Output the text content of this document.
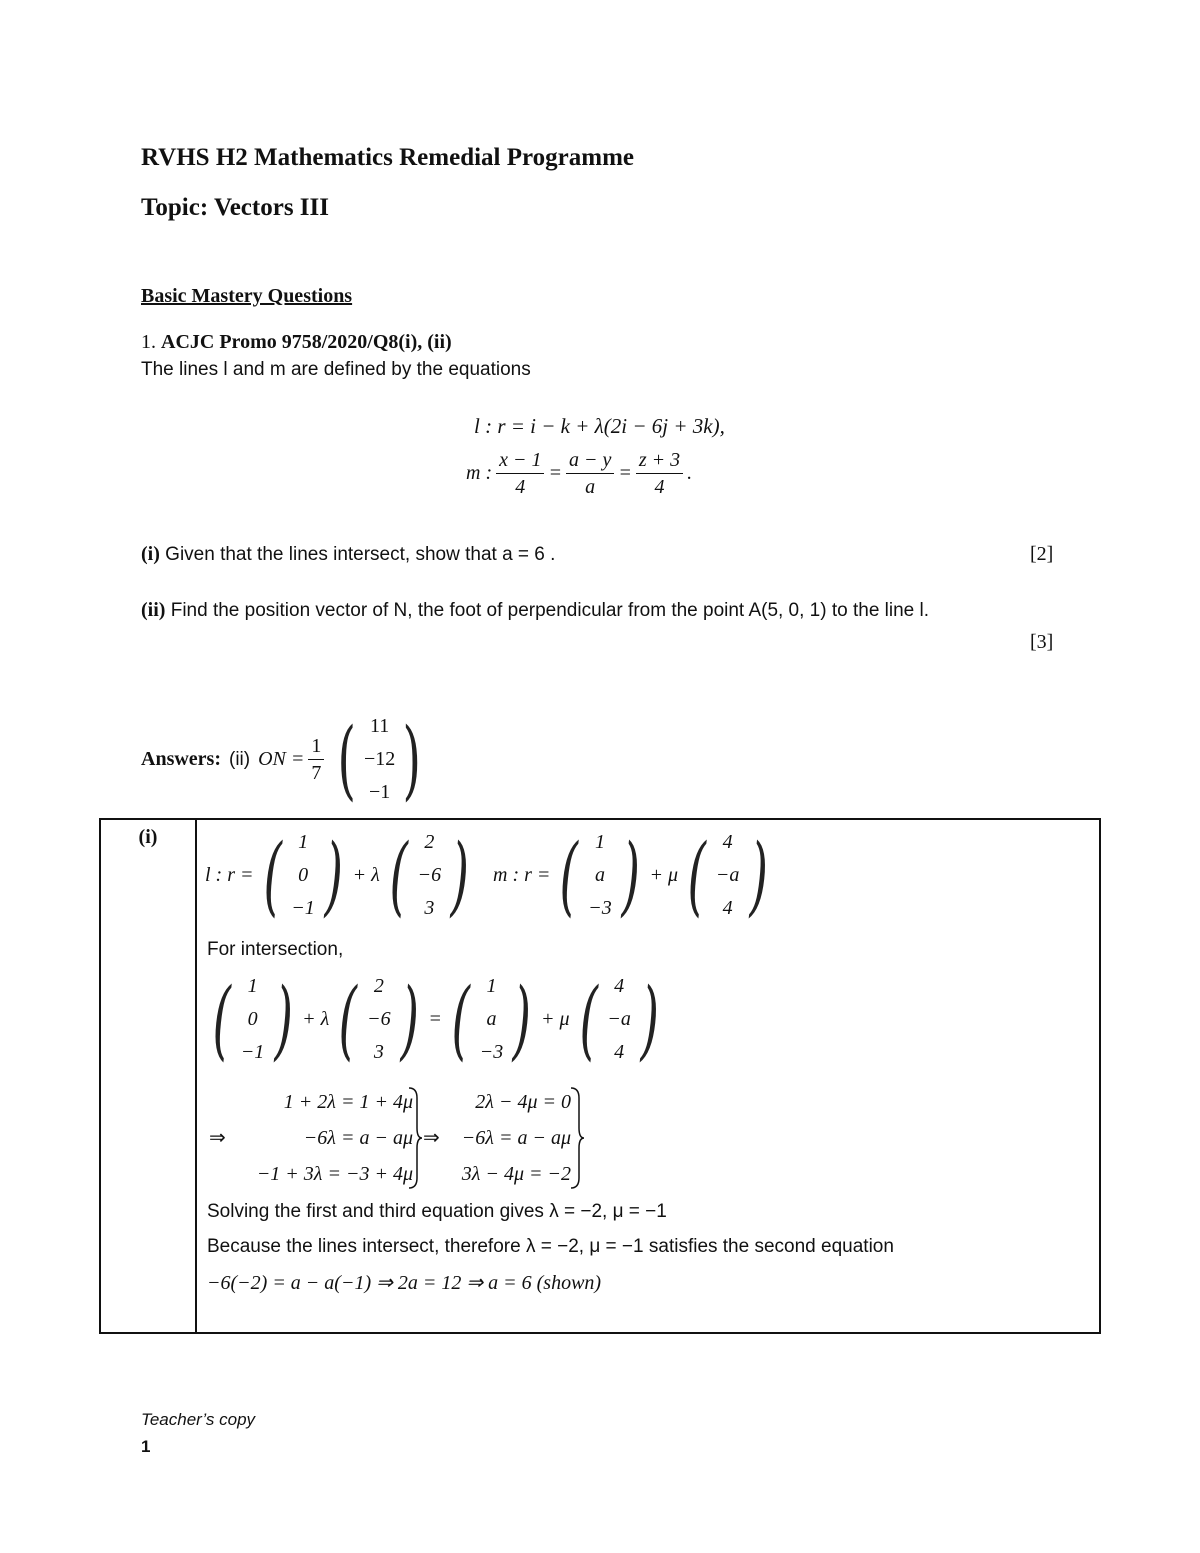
RVHS H2 Mathematics Remedial Programme
Topic: Vectors III
Basic Mastery Questions
1. ACJC Promo 9758/2020/Q8(i), (ii)
The lines l and m are defined by the equations
l : r = i − k + λ(2i − 6j + 3k),
m : $\frac{x - 1}{4} = \frac{a - y}{a} = \frac{z + 3}{4}$ .
(i) Given that the lines intersect, show that a = 6 .	[2]
(ii) Find the position vector of N, the foot of perpendicular from the point A(5, 0, 1) to the line l.
[3]
Answers: (ii) ON = $\frac{1}{7}$ ( 11
−12
−1 )
(i)

l : r = ( 1
0
−1 ) + λ ( 2
−6
3 ) m : r = ( 1
a
−3 ) + μ ( 4
−a
4 )
For intersection,
( 1
0
−1 ) + λ ( 2
−6
3 ) = ( 1
a
−3 ) + μ ( 4
−a
4 )
⇒
1 + 2λ = 1 + 4μ
−6λ = a − aμ
−1 + 3λ = −3 + 4μ
⇒
2λ − 4μ = 0
−6λ = a − aμ
3λ − 4μ = −2
Solving the first and third equation gives λ = −2, μ = −1
Because the lines intersect, therefore λ = −2, μ = −1 satisfies the second equation
−6(−2) = a − a(−1) ⇒ 2a = 12 ⇒ a = 6 (shown)
Teacher’s copy
1
